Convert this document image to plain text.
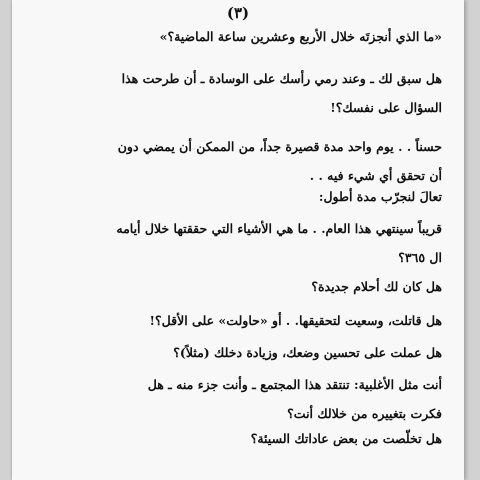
(٣)
«ما الذي أنجزتَه خلال الأربع وعشرين ساعة الماضية؟»
هل سبق لك ـ وعند رمي رأسك على الوسادة ـ أن طرحت هذا
السؤال على نفسك؟!
حسناً . . يوم واحد مدة قصيرة جداً، من الممكن أن يمضي دون
أن تحقق أي شيء فيه . .
تعالَ لنجرّب مدة أطول:
قريباً سينتهي هذا العام. . ما هي الأشياء التي حققتها خلال أيامه
ال ٣٦٥؟
هل كان لك أحلام جديدة؟
هل قاتلت، وسعيت لتحقيقها. . أو «حاولت» على الأقل؟!
هل عملت على تحسين وضعك، وزيادة دخلك (مثلاً)؟
أنت مثل الأغلبية: تنتقد هذا المجتمع ـ وأنت جزء منه ـ هل
فكرت بتغييره من خلالك أنت؟
هل تخلّصت من بعض عاداتك السيئة؟
